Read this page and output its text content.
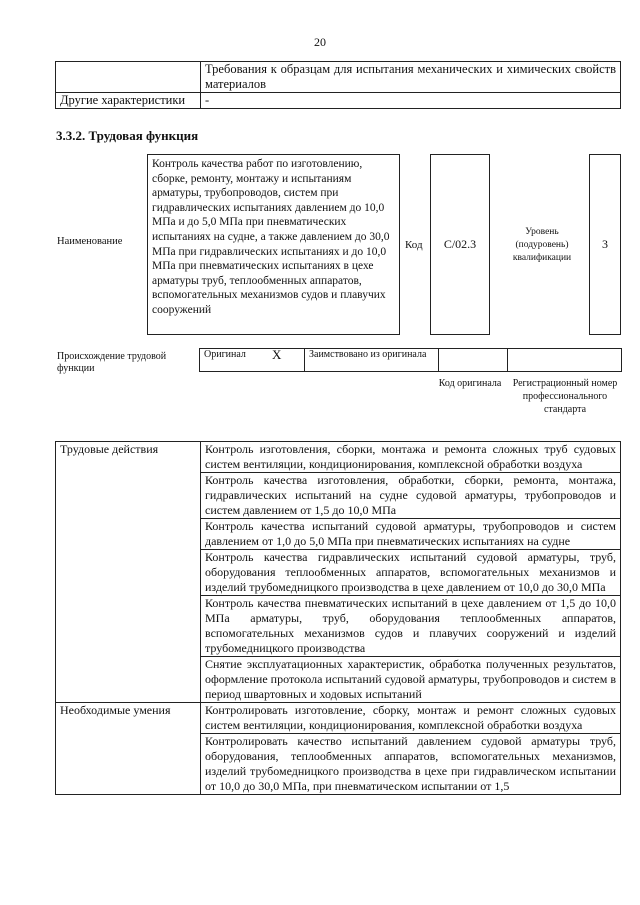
20
	Требования к образцам для испытания механических и химических свойств материалов
Другие характеристики	-
3.3.2. Трудовая функция
Наименование
Контроль качества работ по изготовлению, сборке, ремонту, монтажу и испытаниям арматуры, трубопроводов, систем при гидравлических испытаниях давлением до 10,0 МПа и до 5,0 МПа при пневматических испытаниях на судне, а также давлением до 30,0 МПа при гидравлических испытаниях и до 10,0 МПа при пневматических испытаниях в цехе арматуры труб, теплообменных аппаратов, вспомогательных механизмов судов и плавучих сооружений
Код	С/02.3
Уровень (подуровень) квалификации
3
Происхождение трудовой функции
Оригинал	X	Заимствовано из оригинала		
Код оригинала	Регистрационный номер профессионального стандарта
Трудовые действия	Контроль изготовления, сборки, монтажа и ремонта сложных труб судовых систем вентиляции, кондиционирования, комплексной обработки воздуха
	Контроль качества изготовления, обработки, сборки, ремонта, монтажа, гидравлических испытаний на судне судовой арматуры, трубопроводов и систем давлением от 1,5 до 10,0 МПа
	Контроль качества испытаний судовой арматуры, трубопроводов и систем давлением от 1,0 до 5,0 МПа при пневматических испытаниях на судне
	Контроль качества гидравлических испытаний судовой арматуры, труб, оборудования теплообменных аппаратов, вспомогательных механизмов и изделий трубомедницкого производства в цехе давлением от 10,0 до 30,0 МПа
	Контроль качества пневматических испытаний в цехе давлением от 1,5 до 10,0 МПа арматуры, труб, оборудования теплообменных аппаратов, вспомогательных механизмов судов и плавучих сооружений и изделий трубомедницкого производства
	Снятие эксплуатационных характеристик, обработка полученных результатов, оформление протокола испытаний судовой арматуры, трубопроводов и систем в период швартовных и ходовых испытаний
Необходимые умения	Контролировать изготовление, сборку, монтаж и ремонт сложных судовых систем вентиляции, кондиционирования, комплексной обработки воздуха
	Контролировать качество испытаний давлением судовой арматуры труб, оборудования, теплообменных аппаратов, вспомогательных механизмов, изделий трубомедницкого производства в цехе при гидравлическом испытании от 10,0 до 30,0 МПа, при пневматическом испытании от 1,5
